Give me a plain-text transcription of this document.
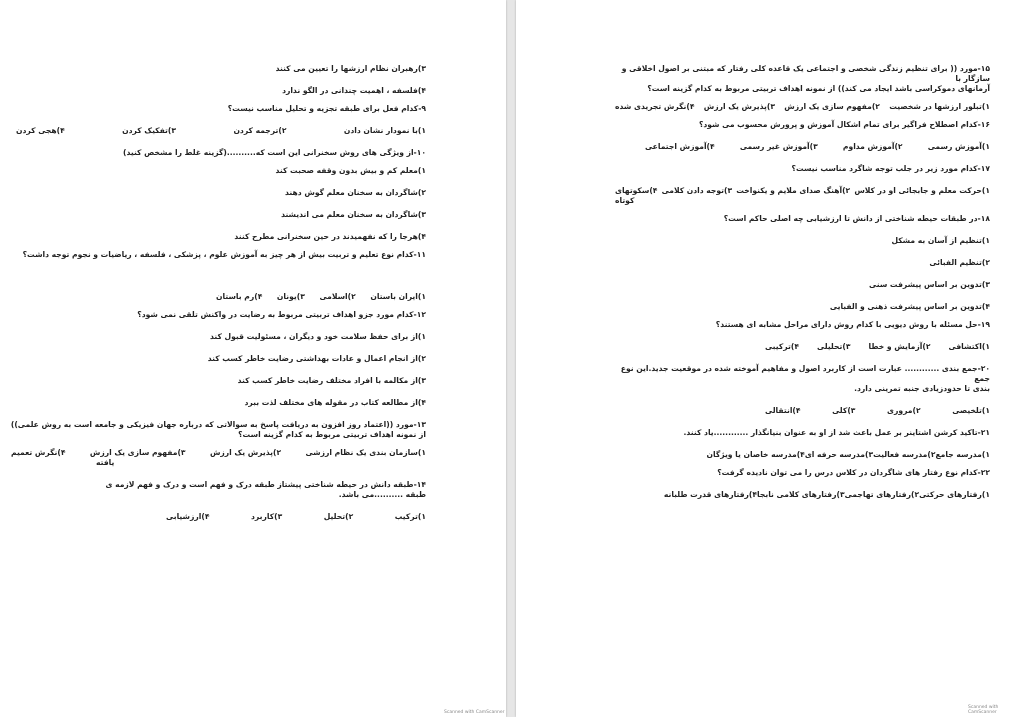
۳)رهبران نظام ارزشها را تعیین می کنند

۴)فلسفه ، اهمیت چندانی در الگو ندارد

۹-کدام فعل برای طبقه تجزیه و تحلیل مناسب نیست؟

۱)با نمودار نشان دادن
۲)ترجمه کردن
۳)تفکیک کردن
۴)هجی کردن

۱۰-از ویژگی های روش سخنرانی این است که..........(گزینه غلط را مشخص کنید)

۱)معلم کم و بیش بدون وقفه صحبت کند

۲)شاگردان به سخنان معلم گوش دهند

۳)شاگردان به سخنان معلم می اندیشند

۴)هرجا را که نفهمیدند در حین سخنرانی مطرح کنند

۱۱-کدام نوع تعلیم و تربیت بیش از هر چیز به آموزش علوم ، پزشکی ، فلسفه ، ریاضیات و نجوم توجه داشت؟

۱)ایران باستان
۲)اسلامی
۳)یونان
۴)رم باستان

۱۲-کدام مورد جزو اهداف تربیتی مربوط به رضایت در واکنش تلقی نمی شود؟

۱)از برای حفظ سلامت خود و دیگران ، مسئولیت قبول کند

۲)از انجام اعمال و عادات بهداشتی رضایت خاطر کسب کند

۳)از مکالمه با افراد مختلف رضایت خاطر کسب کند

۴)از مطالعه کتاب در مقوله های مختلف لذت ببرد

۱۳-مورد ((اعتماد روز افزون به دریافت پاسخ به سوالاتی که درباره جهان فیزیکی و جامعه است به روش علمی))

از نمونه اهداف تربیتی مربوط به کدام گزینه است؟

۱)سازمان بندی یک نظام ارزشی
۲)پذیرش یک ارزش
۳)مفهوم سازی یک ارزش
۴)نگرش تعمیم

یافته

۱۴-طبقه دانش در حیطه شناختی پیشتاز طبقه درک و فهم است و درک و فهم لازمه ی طبقه ..........می باشد.

۱)ترکیب
۲)تحلیل
۳)کاربرد
۴)ارزشیابی
Scanned with CamScanner

۱۵-مورد (( برای تنظیم زندگی شخصی و اجتماعی یک قاعده کلی رفتار که مبتنی بر اصول اخلاقی و سازگار با

آرمانهای دموکراسی باشد ایجاد می کند)) از نمونه اهداف تربیتی مربوط به کدام گزینه است؟

۱)تبلور ارزشها در شخصیت
۲)مفهوم سازی یک ارزش
۳)پذیرش یک ارزش
۴)نگرش تجریدی شده

۱۶-کدام اصطلاح فراگیر برای تمام اشکال آموزش و پرورش محسوب می شود؟

۱)آموزش رسمی
۲)آموزش مداوم
۳)آموزش غیر رسمی
۴)آموزش اجتماعی

۱۷-کدام مورد زیر در جلب توجه شاگرد مناسب نیست؟

۱)حرکت معلم و جابجائی او در کلاس
۲)آهنگ صدای ملایم و یکنواخت
۳)توجه دادن کلامی
۴)سکوتهای

کوتاه

۱۸-در طبقات حیطه شناختی از دانش تا ارزشیابی چه اصلی حاکم است؟

۱)تنظیم از آسان به مشکل

۲)تنظیم الفبائی

۳)تدوین بر اساس پیشرفت سنی

۴)تدوین بر اساس پیشرفت ذهنی و الفبایی

۱۹-حل مسئله با روش دیویی با کدام روش دارای مراحل مشابه ای هستند؟

۱)اکتشافی
۲)آزمایش و خطا
۳)تحلیلی
۴)ترکیبی

۲۰-جمع بندی ............ عبارت است از کاربرد اصول و مفاهیم آموخته شده در موقعیت جدید.این نوع جمع

بندی تا حدودزیادی جنبه تمرینی دارد.

۱)تلخیصی
۲)مروری
۳)کلی
۴)انتقالی

۲۱-تاکید کرشن اشتاینر بر عمل باعث شد از او به عنوان بنیانگذار ............یاد کنند.

۱)مدرسه جامع
۲)مدرسه فعالیت
۳)مدرسه حرفه ای
۴)مدرسه خاصان یا ویژگان

۲۲-کدام نوع رفتار های شاگردان در کلاس درس را می توان نادیده گرفت؟

۱)رفتارهای حرکتی
۲)رفتارهای تهاجمی
۳)رفتارهای کلامی نابجا
۴)رفتارهای قدرت طلبانه
Scanned with CamScanner
